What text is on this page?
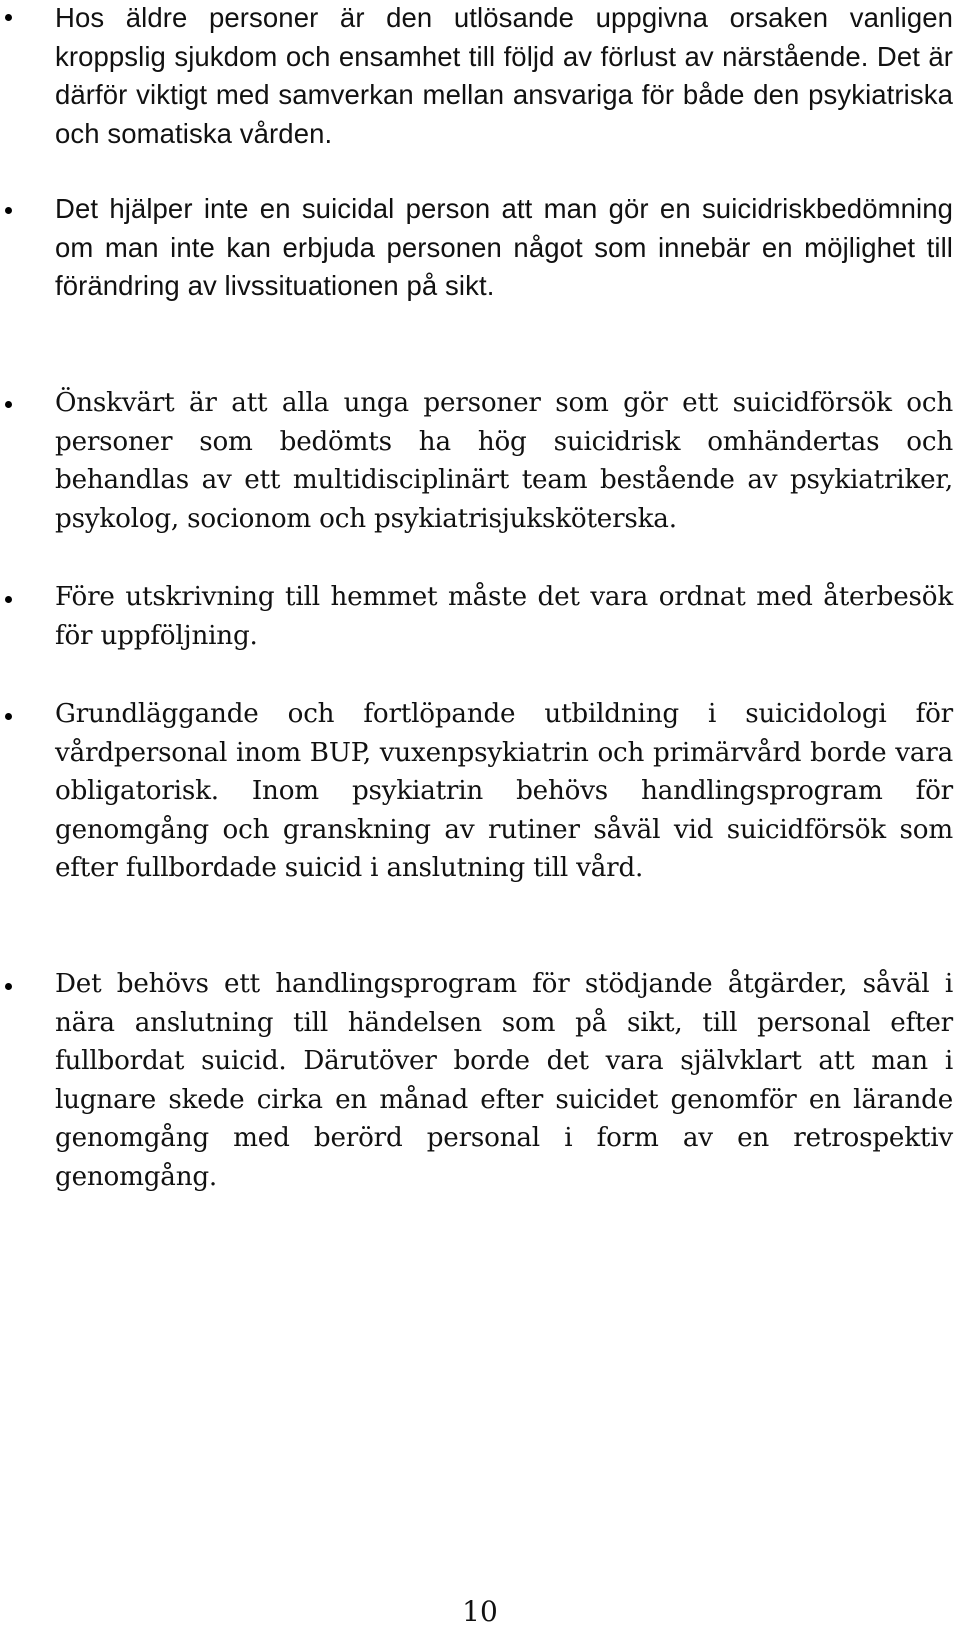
Hos äldre personer är den utlösande uppgivna orsaken vanligen kroppslig sjukdom och ensamhet till följd av förlust av närstående. Det är därför viktigt med samverkan mellan ansvariga för både den psykiatriska och somatiska vården.

Det hjälper inte en suicidal person att man gör en suicidriskbedömning om man inte kan erbjuda personen något som innebär en möjlighet till förändring av livssituationen på sikt.

Önskvärt är att alla unga personer som gör ett suicidförsök och personer som bedömts ha hög suicidrisk omhändertas och behandlas av ett multidisciplinärt team bestående av psykiatriker, psykolog, socionom och psykiatrisjuksköterska.

Före utskrivning till hemmet måste det vara ordnat med återbesök för uppföljning.

Grundläggande och fortlöpande utbildning i suicidologi för vårdpersonal inom BUP, vuxenpsykiatrin och primärvård borde vara obligatorisk. Inom psykiatrin behövs handlingsprogram för genomgång och granskning av rutiner såväl vid suicidförsök som efter fullbordade suicid i anslutning till vård.

Det behövs ett handlingsprogram för stödjande åtgärder, såväl i nära anslutning till händelsen som på sikt, till personal efter fullbordat suicid. Därutöver borde det vara självklart att man i lugnare skede cirka en månad efter suicidet genomför en lärande genomgång med berörd personal i form av en retrospektiv genomgång.

10
